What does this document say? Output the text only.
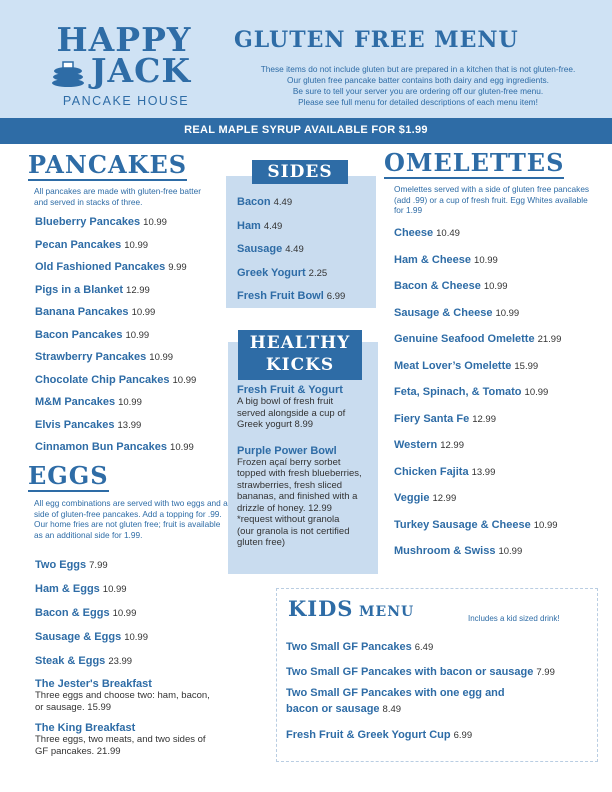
HAPPY
JACK
PANCAKE HOUSE
GLUTEN FREE MENU
These items do not include gluten but are prepared in a kitchen that is not gluten-free.
Our gluten free pancake batter contains both dairy and egg ingredients.
Be sure to tell your server you are ordering off our gluten-free menu.
Please see full menu for detailed descriptions of each menu item!
REAL MAPLE SYRUP AVAILABLE FOR $1.99
PANCAKES
All pancakes are made with gluten-free batter
and served in stacks of three.
Blueberry Pancakes 10.99
Pecan Pancakes 10.99
Old Fashioned Pancakes 9.99
Pigs in a Blanket 12.99
Banana Pancakes 10.99
Bacon Pancakes 10.99
Strawberry Pancakes 10.99
Chocolate Chip Pancakes 10.99
M&M Pancakes 10.99
Elvis Pancakes 13.99
Cinnamon Bun Pancakes 10.99
EGGS
All egg combinations are served with two eggs and a
side of gluten-free pancakes. Add a topping for .99.
Our home fries are not gluten free; fruit is available
as an additional side for 1.99.
Two Eggs 7.99
Ham & Eggs 10.99
Bacon & Eggs 10.99
Sausage & Eggs 10.99
Steak & Eggs 23.99
The Jester's Breakfast
Three eggs and choose two: ham, bacon,
or sausage. 15.99
The King Breakfast
Three eggs, two meats, and two sides of
GF pancakes. 21.99
SIDES
Bacon 4.49
Ham 4.49
Sausage 4.49
Greek Yogurt 2.25
Fresh Fruit Bowl 6.99
HEALTHY
KICKS
Fresh Fruit & Yogurt
A big bowl of fresh fruit
served alongside a cup of
Greek yogurt 8.99
Purple Power Bowl
Frozen açaí berry sorbet
topped with fresh blueberries,
strawberries, fresh sliced
bananas, and finished with a
drizzle of honey. 12.99
*request without granola
(our granola is not certified
gluten free)
OMELETTES
Omelettes served with a side of gluten free pancakes
(add .99) or a cup of fresh fruit. Egg Whites available
for 1.99
Cheese 10.49
Ham & Cheese 10.99
Bacon & Cheese 10.99
Sausage & Cheese 10.99
Genuine Seafood Omelette 21.99
Meat Lover’s Omelette 15.99
Feta, Spinach, & Tomato 10.99
Fiery Santa Fe 12.99
Western 12.99
Chicken Fajita 13.99
Veggie 12.99
Turkey Sausage & Cheese 10.99
Mushroom & Swiss 10.99
KIDS MENU	Includes a kid sized drink!
Two Small GF Pancakes 6.49
Two Small GF Pancakes with bacon or sausage 7.99
Two Small GF Pancakes with one egg and
bacon or sausage 8.49
Fresh Fruit & Greek Yogurt Cup 6.99
